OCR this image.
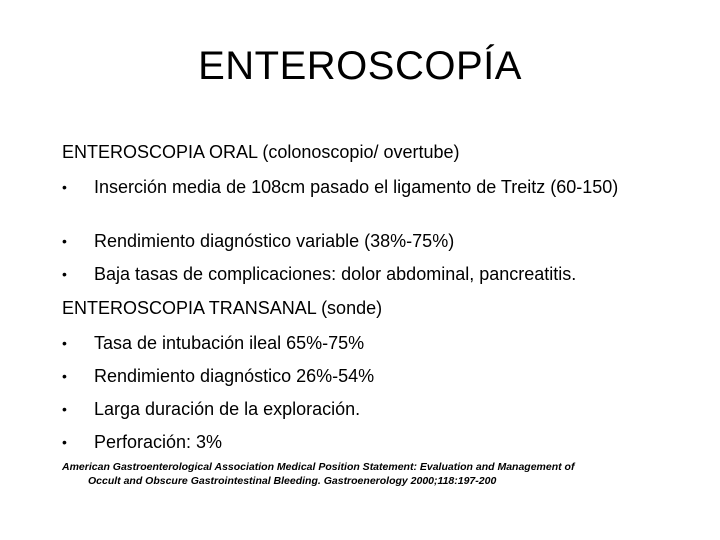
ENTEROSCOPÍA
ENTEROSCOPIA ORAL (colonoscopio/ overtube)
•	Inserción media de 108cm pasado el ligamento de Treitz (60-150)
•	Rendimiento diagnóstico variable (38%-75%)
•	Baja tasas de complicaciones: dolor abdominal, pancreatitis.
ENTEROSCOPIA TRANSANAL (sonde)
•	Tasa de intubación ileal 65%-75%
•	Rendimiento diagnóstico 26%-54%
•	Larga duración de la exploración.
•	Perforación: 3%
American Gastroenterological Association Medical Position Statement: Evaluation and Management of
Occult and Obscure Gastrointestinal Bleeding. Gastroenerology 2000;118:197-200
